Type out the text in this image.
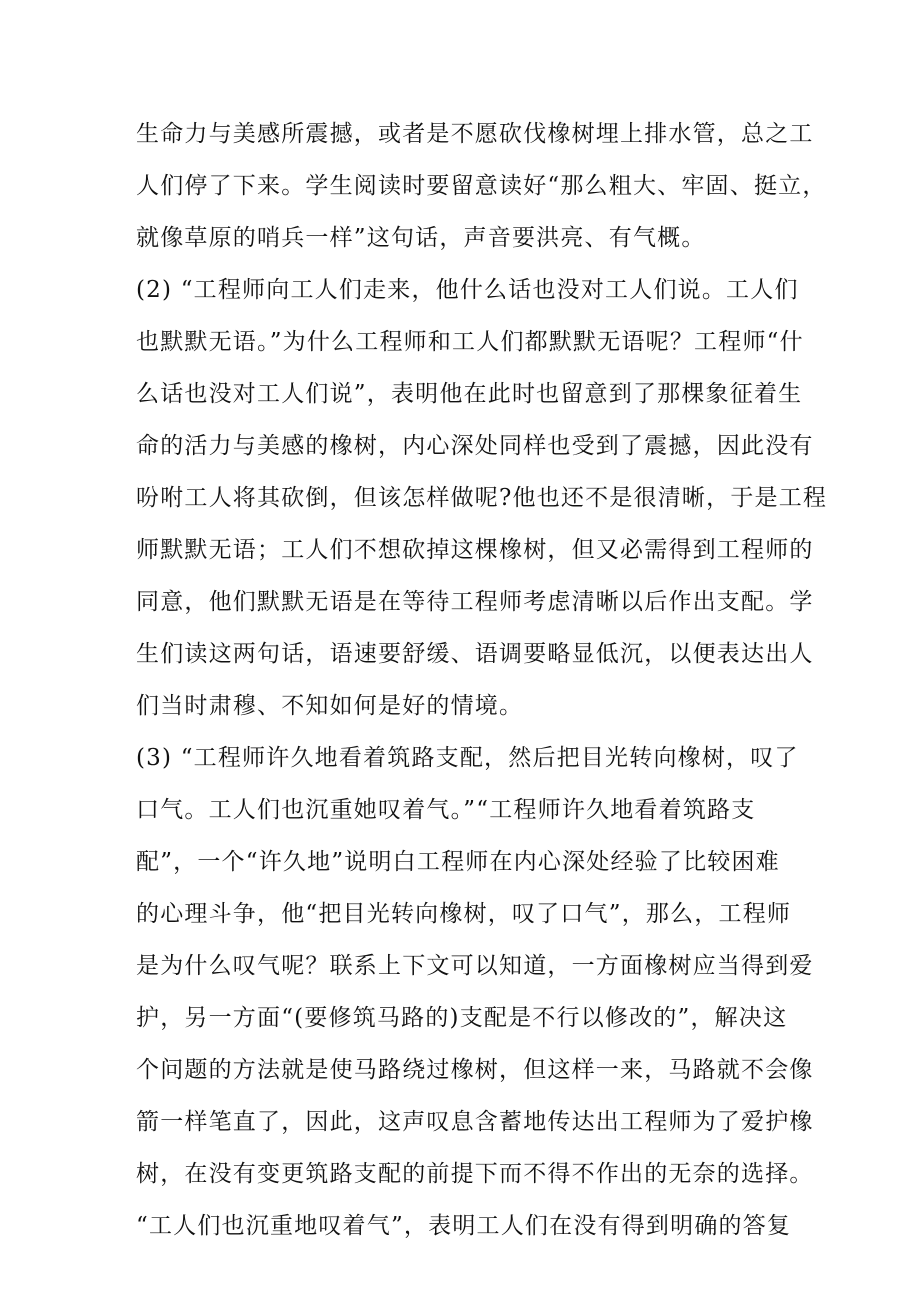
生命力与美感所震撼，或者是不愿砍伐橡树埋上排水管，总之工
人们停了下来。学生阅读时要留意读好“那么粗大、牢固、挺立，
就像草原的哨兵一样”这句话，声音要洪亮、有气概。
(2) “工程师向工人们走来，他什么话也没对工人们说。工人们
也默默无语。”为什么工程师和工人们都默默无语呢？工程师“什
么话也没对工人们说”，表明他在此时也留意到了那棵象征着生
命的活力与美感的橡树，内心深处同样也受到了震撼，因此没有
吩咐工人将其砍倒，但该怎样做呢?他也还不是很清晰，于是工程
师默默无语；工人们不想砍掉这棵橡树，但又必需得到工程师的
同意，他们默默无语是在等待工程师考虑清晰以后作出支配。学
生们读这两句话，语速要舒缓、语调要略显低沉，以便表达出人
们当时肃穆、不知如何是好的情境。
(3) “工程师许久地看着筑路支配，然后把目光转向橡树，叹了
口气。工人们也沉重她叹着气。”“工程师许久地看着筑路支
配”，一个“许久地”说明白工程师在内心深处经验了比较困难
的心理斗争，他“把目光转向橡树，叹了口气”，那么，工程师
是为什么叹气呢？联系上下文可以知道，一方面橡树应当得到爱
护，另一方面“(要修筑马路的)支配是不行以修改的”，解决这
个问题的方法就是使马路绕过橡树，但这样一来，马路就不会像
箭一样笔直了，因此，这声叹息含蓄地传达出工程师为了爱护橡
树，在没有变更筑路支配的前提下而不得不作出的无奈的选择。
“工人们也沉重地叹着气”，表明工人们在没有得到明确的答复
